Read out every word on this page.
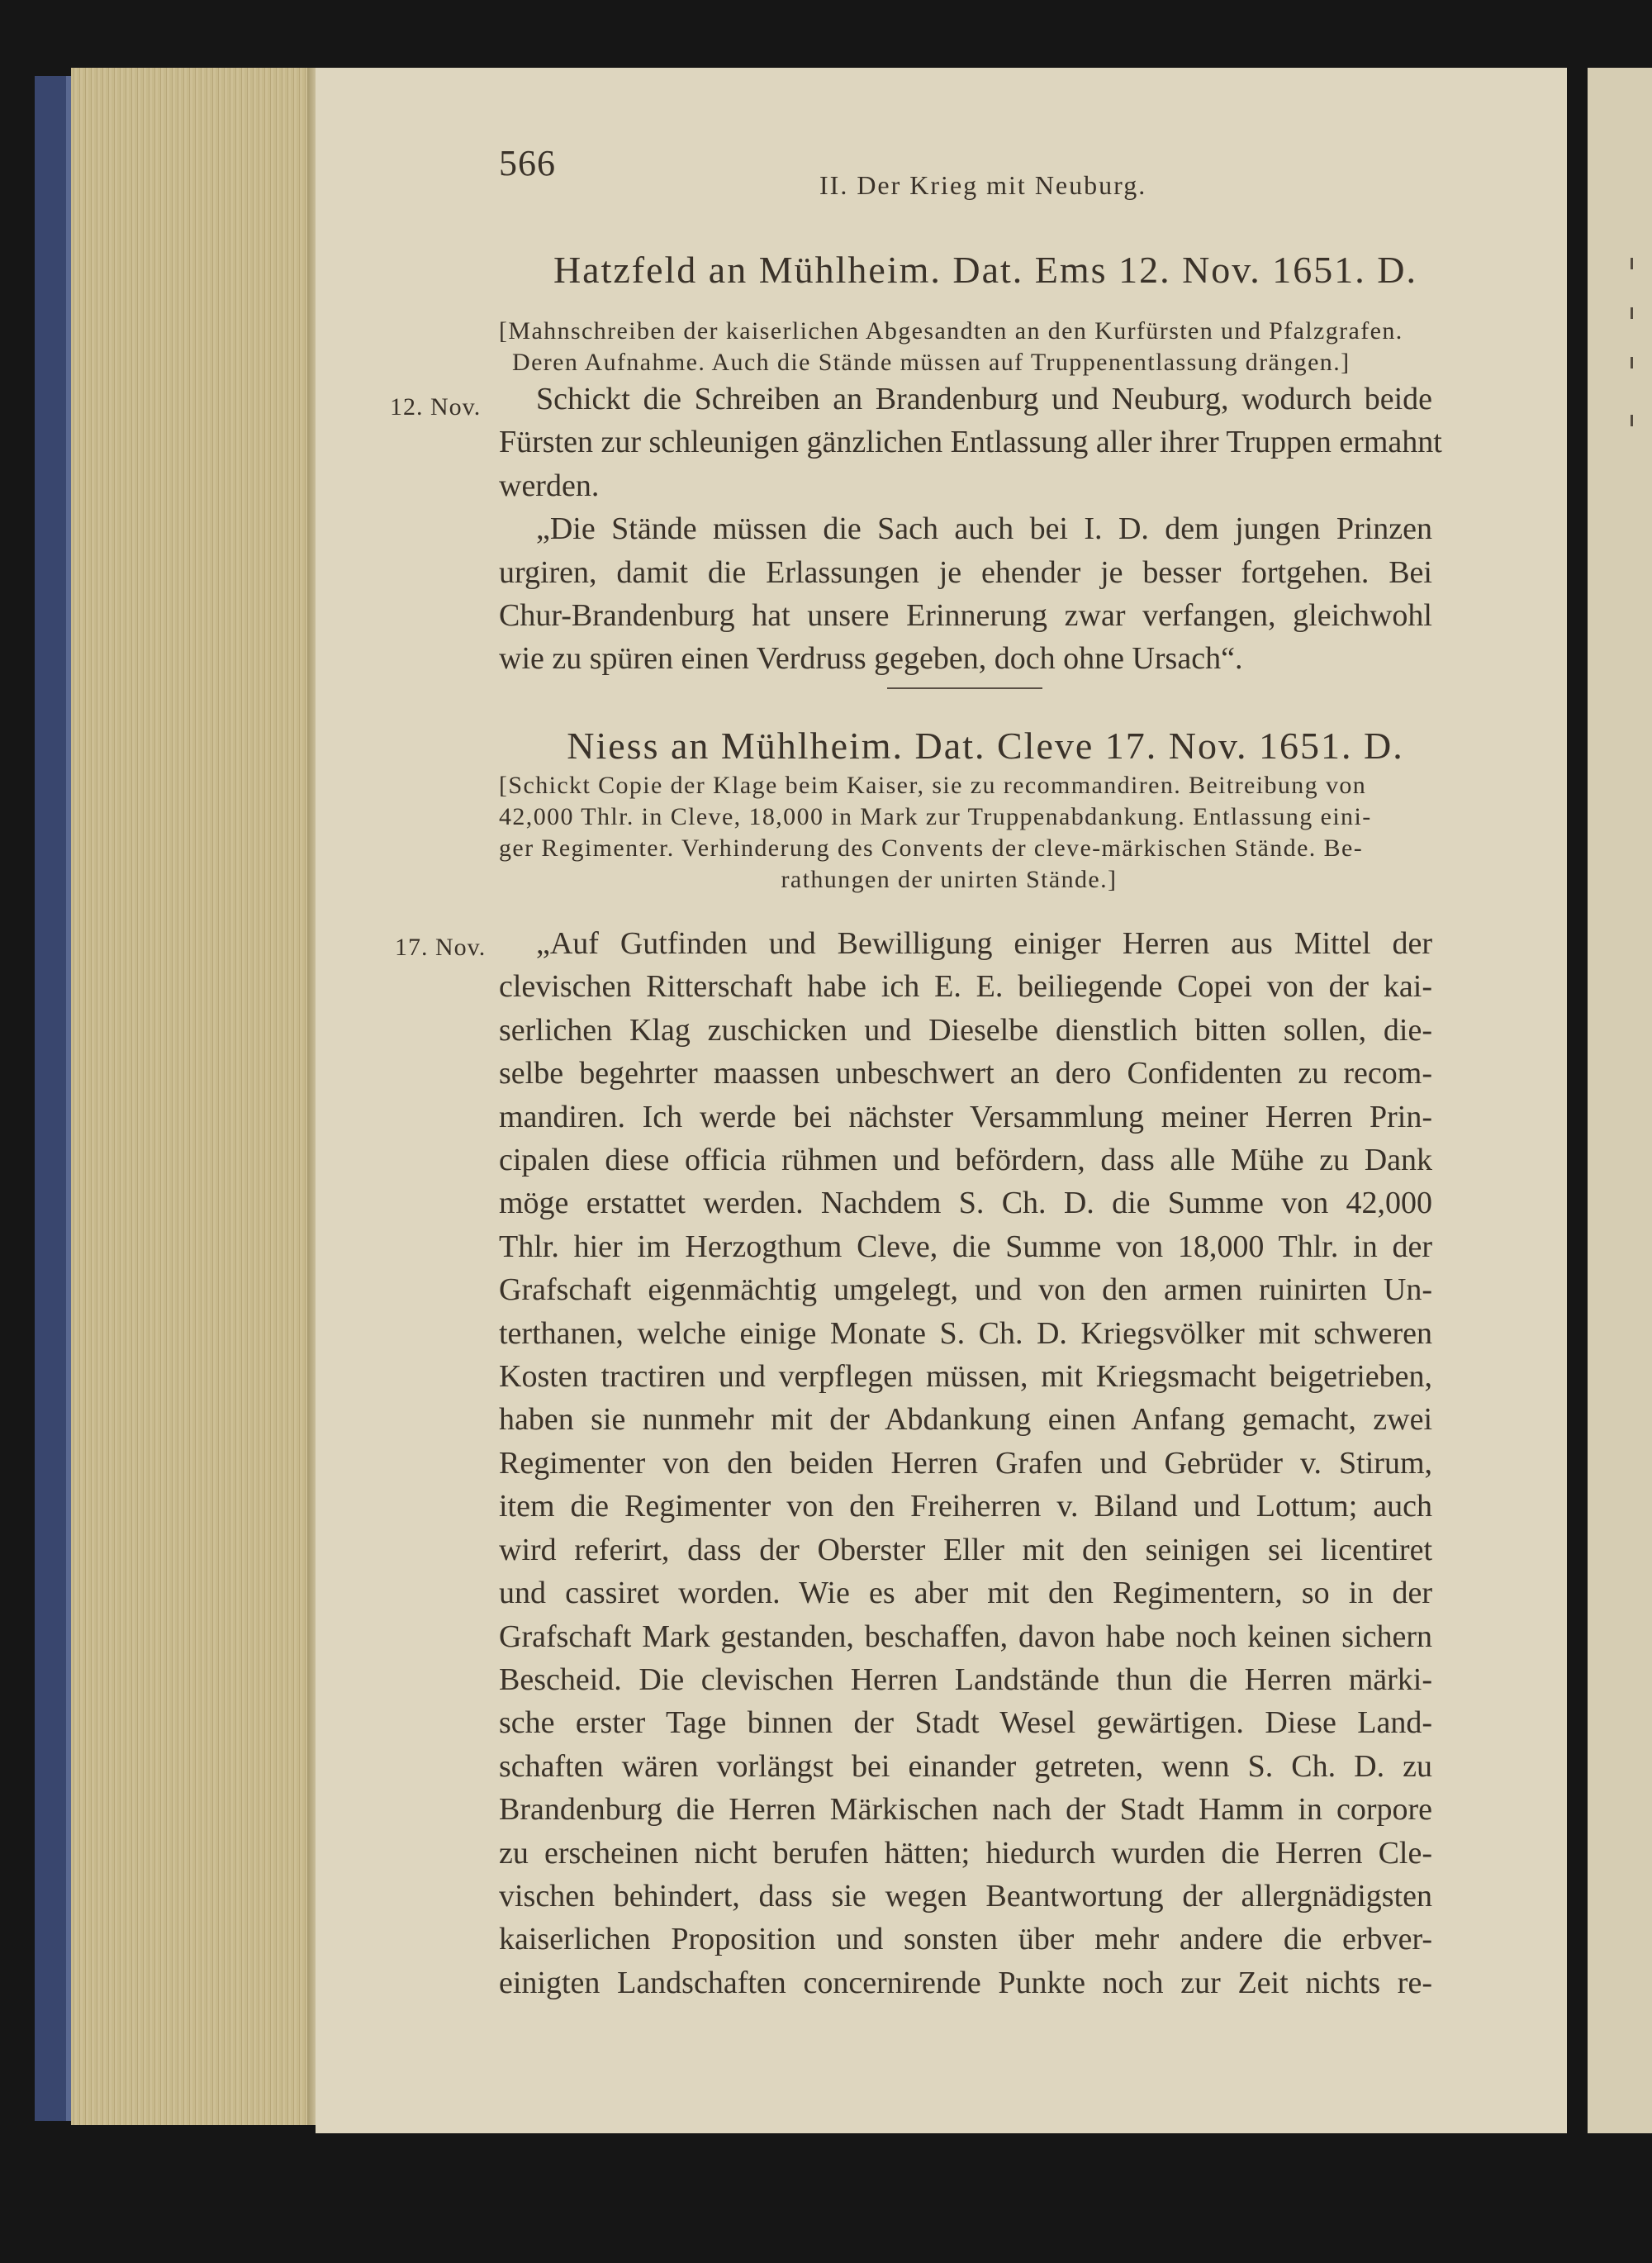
566
II. Der Krieg mit Neuburg.
Hatzfeld an Mühlheim. Dat. Ems 12. Nov. 1651. D.
[Mahnschreiben der kaiserlichen Abgesandten an den Kurfürsten und Pfalzgrafen.
Deren Aufnahme. Auch die Stände müssen auf Truppenentlassung drängen.]
12. Nov.	Schickt die Schreiben an Brandenburg und Neuburg, wodurch beide
Fürsten zur schleunigen gänzlichen Entlassung aller ihrer Truppen ermahnt
werden.
„Die Stände müssen die Sach auch bei I. D. dem jungen Prinzen
urgiren, damit die Erlassungen je ehender je besser fortgehen. Bei
Chur-Brandenburg hat unsere Erinnerung zwar verfangen, gleichwohl
wie zu spüren einen Verdruss gegeben, doch ohne Ursach“.
Niess an Mühlheim. Dat. Cleve 17. Nov. 1651. D.
[Schickt Copie der Klage beim Kaiser, sie zu recommandiren. Beitreibung von
42,000 Thlr. in Cleve, 18,000 in Mark zur Truppenabdankung. Entlassung eini-
ger Regimenter. Verhinderung des Convents der cleve-märkischen Stände. Be-
rathungen der unirten Stände.]
17. Nov.	„Auf Gutfinden und Bewilligung einiger Herren aus Mittel der
clevischen Ritterschaft habe ich E. E. beiliegende Copei von der kai-
serlichen Klag zuschicken und Dieselbe dienstlich bitten sollen, die-
selbe begehrter maassen unbeschwert an dero Confidenten zu recom-
mandiren. Ich werde bei nächster Versammlung meiner Herren Prin-
cipalen diese officia rühmen und befördern, dass alle Mühe zu Dank
möge erstattet werden. Nachdem S. Ch. D. die Summe von 42,000
Thlr. hier im Herzogthum Cleve, die Summe von 18,000 Thlr. in der
Grafschaft eigenmächtig umgelegt, und von den armen ruinirten Un-
terthanen, welche einige Monate S. Ch. D. Kriegsvölker mit schweren
Kosten tractiren und verpflegen müssen, mit Kriegsmacht beigetrieben,
haben sie nunmehr mit der Abdankung einen Anfang gemacht, zwei
Regimenter von den beiden Herren Grafen und Gebrüder v. Stirum,
item die Regimenter von den Freiherren v. Biland und Lottum; auch
wird referirt, dass der Oberster Eller mit den seinigen sei licentiret
und cassiret worden. Wie es aber mit den Regimentern, so in der
Grafschaft Mark gestanden, beschaffen, davon habe noch keinen sichern
Bescheid. Die clevischen Herren Landstände thun die Herren märki-
sche erster Tage binnen der Stadt Wesel gewärtigen. Diese Land-
schaften wären vorlängst bei einander getreten, wenn S. Ch. D. zu
Brandenburg die Herren Märkischen nach der Stadt Hamm in corpore
zu erscheinen nicht berufen hätten; hiedurch wurden die Herren Cle-
vischen behindert, dass sie wegen Beantwortung der allergnädigsten
kaiserlichen Proposition und sonsten über mehr andere die erbver-
einigten Landschaften concernirende Punkte noch zur Zeit nichts re-
